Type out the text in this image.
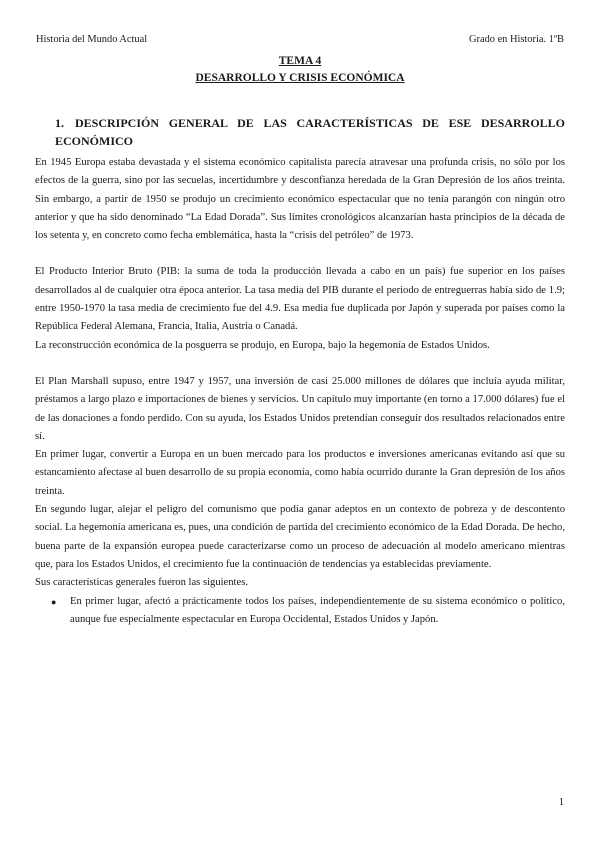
Historia del Mundo Actual	Grado en Historia. 1ºB
TEMA 4
DESARROLLO Y CRISIS ECONÓMICA
1. DESCRIPCIÓN GENERAL DE LAS CARACTERÍSTICAS DE ESE DESARROLLO ECONÓMICO

En 1945 Europa estaba devastada y el sistema económico capitalista parecía atravesar una profunda crisis, no sólo por los efectos de la guerra, sino por las secuelas, incertidumbre y desconfianza heredada de la Gran Depresión de los años treinta. Sin embargo, a partir de 1950 se produjo un crecimiento económico espectacular que no tenía parangón con ningún otro anterior y que ha sido denominado “La Edad Dorada”. Sus límites cronológicos alcanzarían hasta principios de la década de los setenta y, en concreto como fecha emblemática, hasta la “crisis del petróleo” de 1973.

El Producto Interior Bruto (PIB: la suma de toda la producción llevada a cabo en un país) fue superior en los países desarrollados al de cualquier otra época anterior. La tasa media del PIB durante el periodo de entreguerras había sido de 1.9; entre 1950-1970 la tasa media de crecimiento fue del 4.9. Esa media fue duplicada por Japón y superada por países como la República Federal Alemana, Francia, Italia, Austria o Canadá.

La reconstrucción económica de la posguerra se produjo, en Europa, bajo la hegemonía de Estados Unidos.

El Plan Marshall supuso, entre 1947 y 1957, una inversión de casi 25.000 millones de dólares que incluía ayuda militar, préstamos a largo plazo e importaciones de bienes y servicios. Un capítulo muy importante (en torno a 17.000 dólares) fue el de las donaciones a fondo perdido. Con su ayuda, los Estados Unidos pretendían conseguir dos resultados relacionados entre sí.

En primer lugar, convertir a Europa en un buen mercado para los productos e inversiones americanas evitando así que su estancamiento afectase al buen desarrollo de su propia economía, como había ocurrido durante la Gran depresión de los años treinta.

En segundo lugar, alejar el peligro del comunismo que podía ganar adeptos en un contexto de pobreza y de descontento social. La hegemonía americana es, pues, una condición de partida del crecimiento económico de la Edad Dorada. De hecho, buena parte de la expansión europea puede caracterizarse como un proceso de adecuación al modelo americano mientras que, para los Estados Unidos, el crecimiento fue la continuación de tendencias ya establecidas previamente.

Sus características generales fueron las siguientes.

●	En primer lugar, afectó a prácticamente todos los países, independientemente de su sistema económico o político, aunque fue especialmente espectacular en Europa Occidental, Estados Unidos y Japón.
1
